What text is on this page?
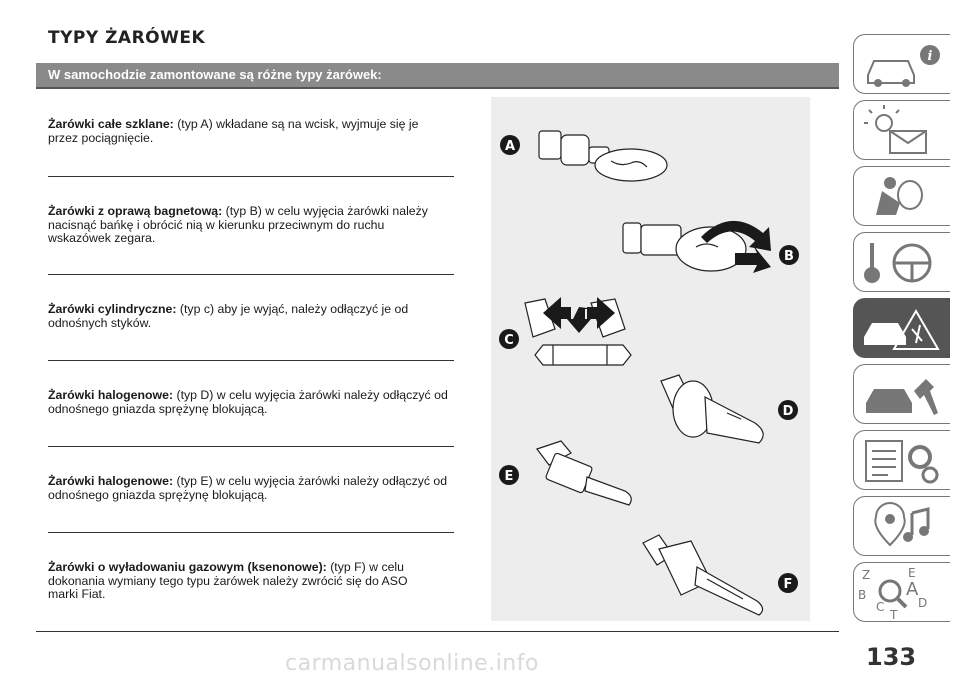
TYPY ŻARÓWEK
W samochodzie zamontowane są różne typy żarówek:
Żarówki całe szklane: (typ A) wkładane są na wcisk, wyjmuje się je przez pociągnięcie.
Żarówki z oprawą bagnetową: (typ B) w celu wyjęcia żarówki należy nacisnąć bańkę i obrócić nią w kierunku przeciwnym do ruchu wskazówek zegara.
Żarówki cylindryczne: (typ c) aby je wyjąć, należy odłączyć je od odnośnych styków.
Żarówki halogenowe: (typ D) w celu wyjęcia żarówki należy odłączyć od odnośnego gniazda sprężynę blokującą.
Żarówki halogenowe: (typ E) w celu wyjęcia żarówki należy odłączyć od odnośnego gniazda sprężynę blokującą.
Żarówki o wyładowaniu gazowym (ksenonowe): (typ F) w celu dokonania wymiany tego typu żarówek należy zwrócić się do ASO marki Fiat.
A
B
C
D
E
F
carmanualsonline.info	133
i
Z	E
B A
C	D
T
